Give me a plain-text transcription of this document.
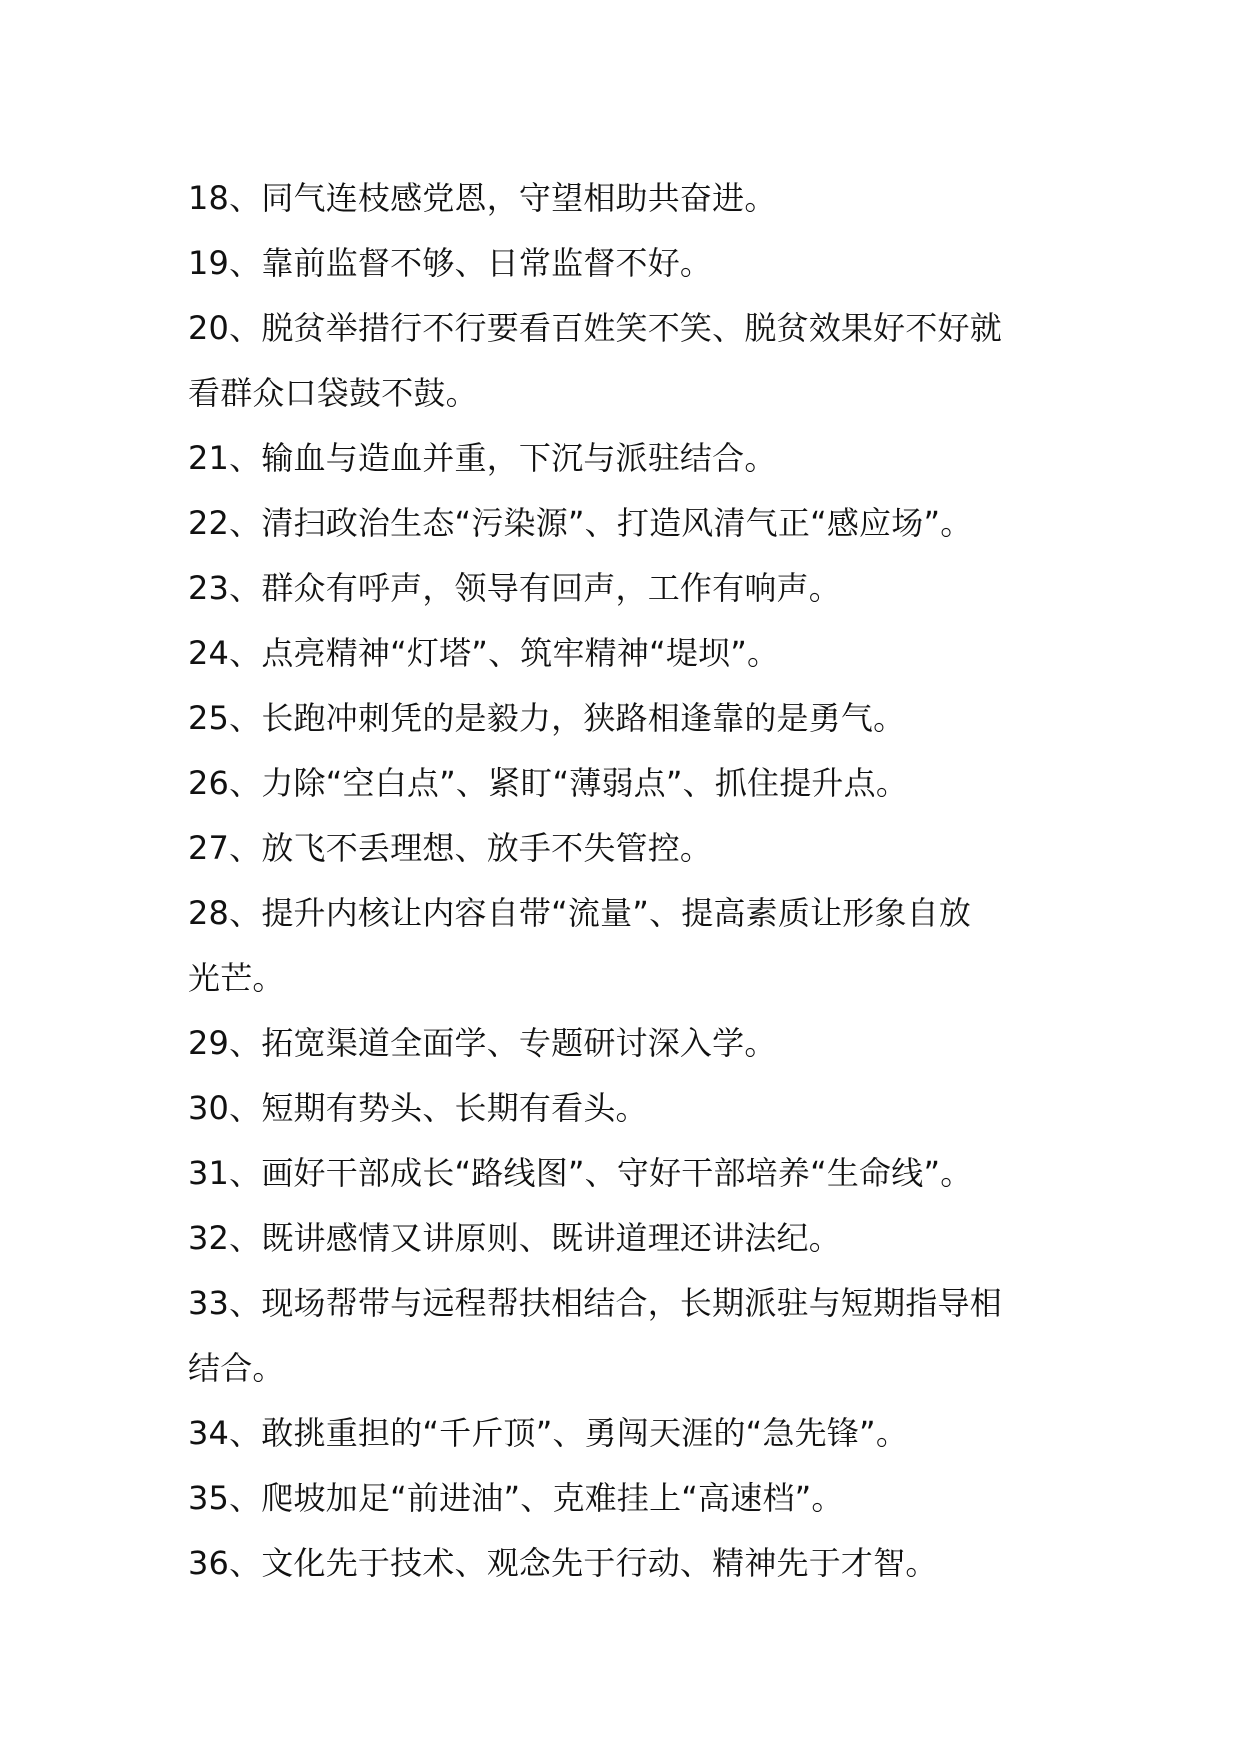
18、同气连枝感党恩，守望相助共奋进。
19、靠前监督不够、日常监督不好。
20、脱贫举措行不行要看百姓笑不笑、脱贫效果好不好就
看群众口袋鼓不鼓。
21、输血与造血并重，下沉与派驻结合。
22、清扫政治生态“污染源”、打造风清气正“感应场”。
23、群众有呼声，领导有回声，工作有响声。
24、点亮精神“灯塔”、筑牢精神“堤坝”。
25、长跑冲刺凭的是毅力，狭路相逢靠的是勇气。
26、力除“空白点”、紧盯“薄弱点”、抓住提升点。
27、放飞不丢理想、放手不失管控。
28、提升内核让内容自带“流量”、提高素质让形象自放
光芒。
29、拓宽渠道全面学、专题研讨深入学。
30、短期有势头、长期有看头。
31、画好干部成长“路线图”、守好干部培养“生命线”。
32、既讲感情又讲原则、既讲道理还讲法纪。
33、现场帮带与远程帮扶相结合，长期派驻与短期指导相
结合。
34、敢挑重担的“千斤顶”、勇闯天涯的“急先锋”。
35、爬坡加足“前进油”、克难挂上“高速档”。
36、文化先于技术、观念先于行动、精神先于才智。
